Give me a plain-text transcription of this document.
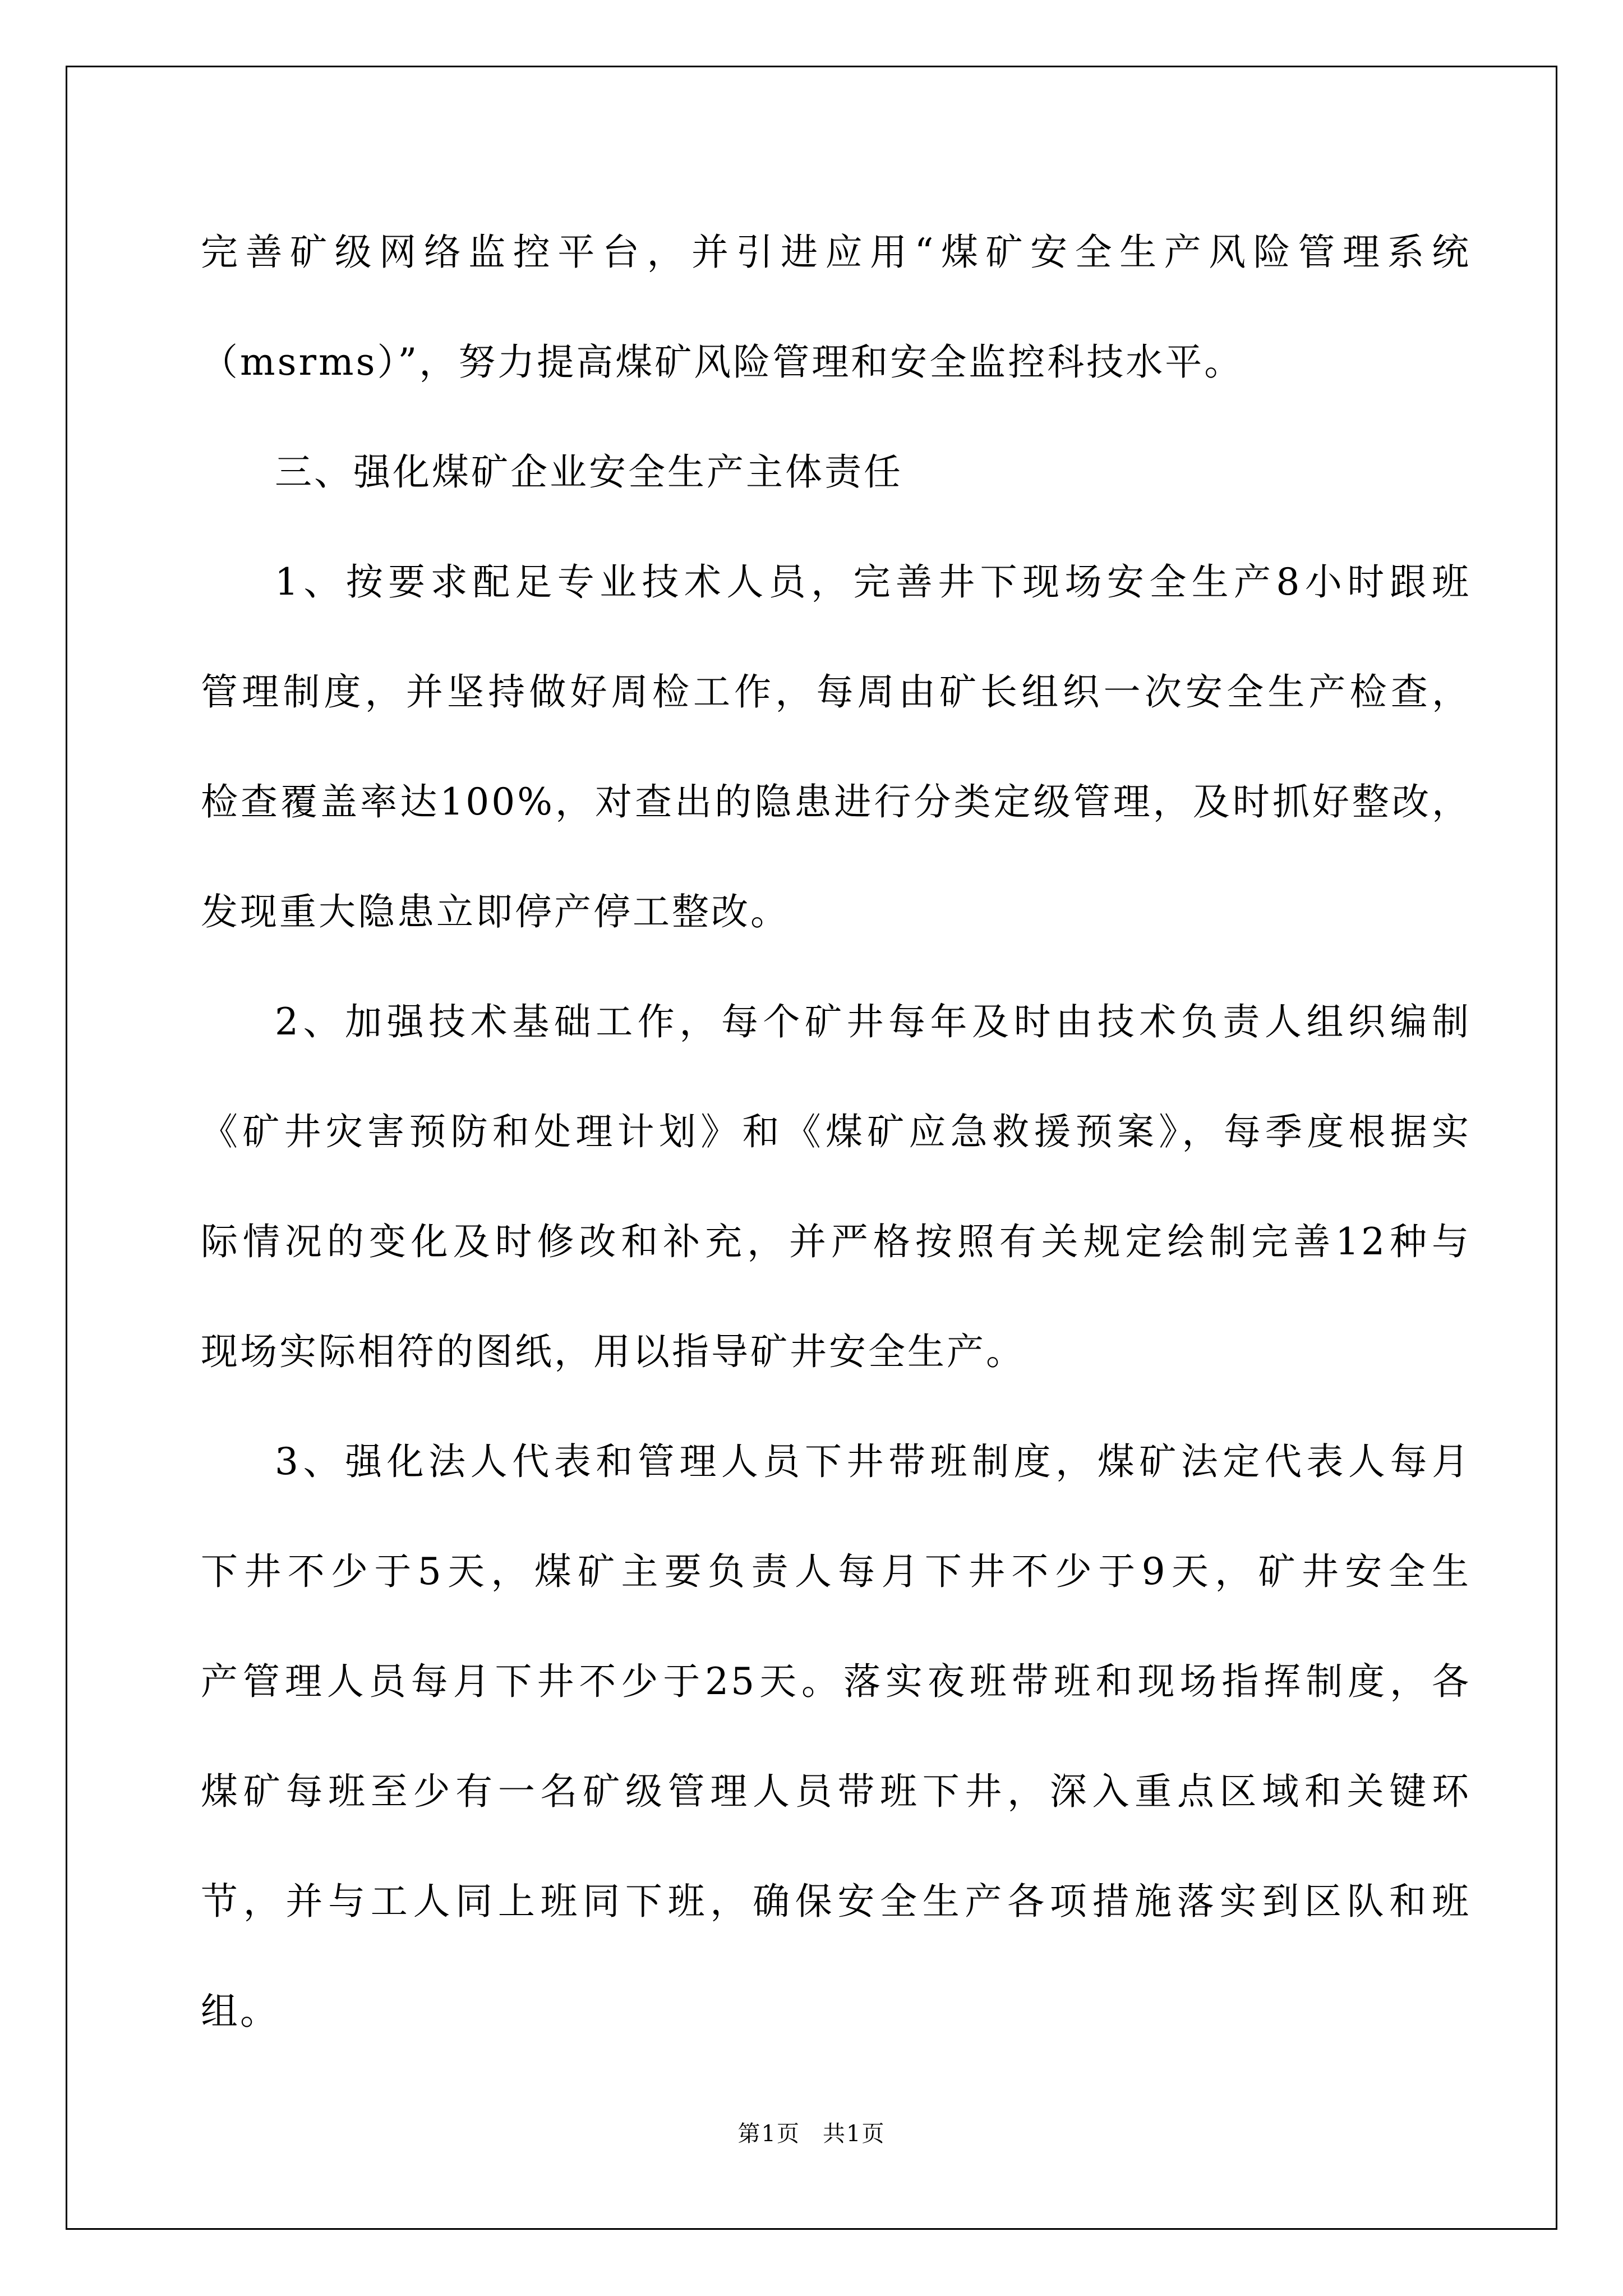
完善矿级网络监控平台，并引进应用“煤矿安全生产风险管理系统
（msrms）”，努力提高煤矿风险管理和安全监控科技水平。
三、强化煤矿企业安全生产主体责任
1、按要求配足专业技术人员，完善井下现场安全生产8小时跟班
管理制度，并坚持做好周检工作，每周由矿长组织一次安全生产检查，
检查覆盖率达100%，对查出的隐患进行分类定级管理，及时抓好整改，
发现重大隐患立即停产停工整改。
2、加强技术基础工作，每个矿井每年及时由技术负责人组织编制
《矿井灾害预防和处理计划》和《煤矿应急救援预案》，每季度根据实
际情况的变化及时修改和补充，并严格按照有关规定绘制完善12种与
现场实际相符的图纸，用以指导矿井安全生产。
3、强化法人代表和管理人员下井带班制度，煤矿法定代表人每月
下井不少于5天，煤矿主要负责人每月下井不少于9天，矿井安全生
产管理人员每月下井不少于25天。落实夜班带班和现场指挥制度，各
煤矿每班至少有一名矿级管理人员带班下井，深入重点区域和关键环
节，并与工人同上班同下班，确保安全生产各项措施落实到区队和班
组。
第1页 共1页
